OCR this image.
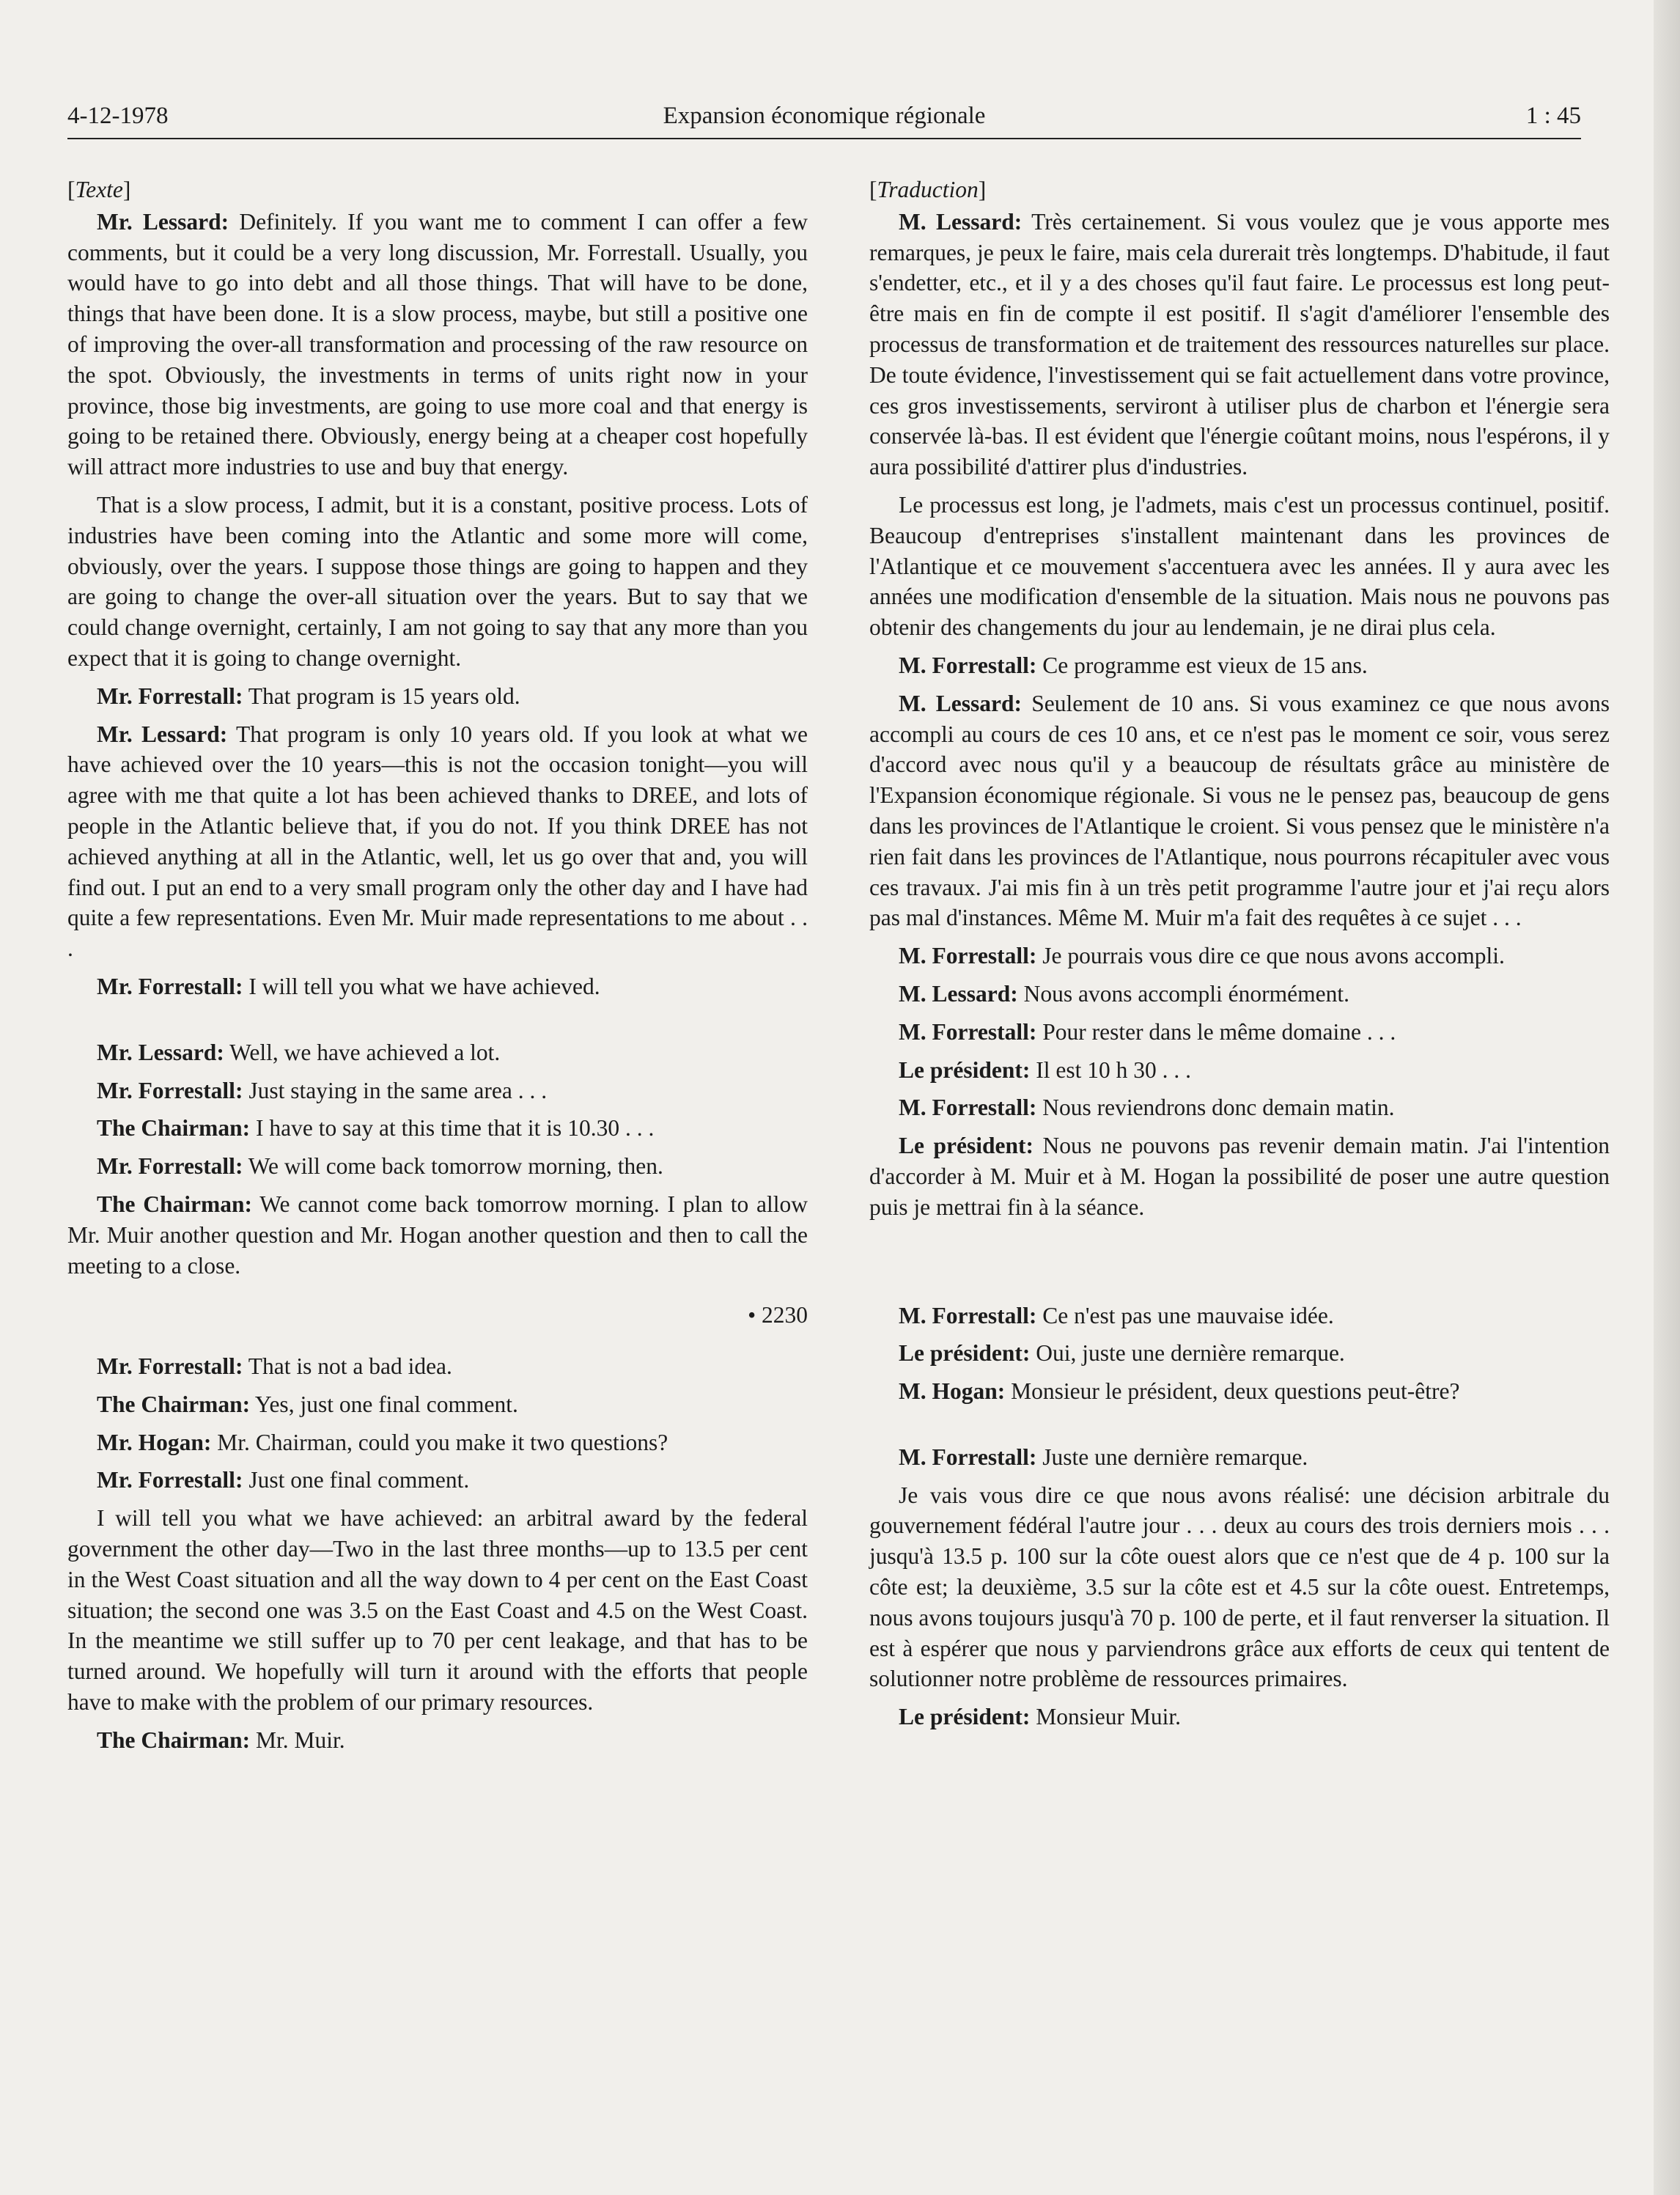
4-12-1978	Expansion économique régionale	1 : 45

[Texte]

Mr. Lessard: Definitely. If you want me to comment I can offer a few comments, but it could be a very long discussion, Mr. Forrestall. Usually, you would have to go into debt and all those things. That will have to be done, things that have been done. It is a slow process, maybe, but still a positive one of improving the over-all transformation and processing of the raw resource on the spot. Obviously, the investments in terms of units right now in your province, those big investments, are going to use more coal and that energy is going to be retained there. Obviously, energy being at a cheaper cost hopefully will attract more industries to use and buy that energy.

That is a slow process, I admit, but it is a constant, positive process. Lots of industries have been coming into the Atlantic and some more will come, obviously, over the years. I suppose those things are going to happen and they are going to change the over-all situation over the years. But to say that we could change overnight, certainly, I am not going to say that any more than you expect that it is going to change overnight.

Mr. Forrestall: That program is 15 years old.

Mr. Lessard: That program is only 10 years old. If you look at what we have achieved over the 10 years—this is not the occasion tonight—you will agree with me that quite a lot has been achieved thanks to DREE, and lots of people in the Atlantic believe that, if you do not. If you think DREE has not achieved anything at all in the Atlantic, well, let us go over that and, you will find out. I put an end to a very small program only the other day and I have had quite a few representations. Even Mr. Muir made representations to me about . . .

Mr. Forrestall: I will tell you what we have achieved.

Mr. Lessard: Well, we have achieved a lot.

Mr. Forrestall: Just staying in the same area . . .

The Chairman: I have to say at this time that it is 10.30 . . .

Mr. Forrestall: We will come back tomorrow morning, then.

The Chairman: We cannot come back tomorrow morning. I plan to allow Mr. Muir another question and Mr. Hogan another question and then to call the meeting to a close.

• 2230

Mr. Forrestall: That is not a bad idea.

The Chairman: Yes, just one final comment.

Mr. Hogan: Mr. Chairman, could you make it two questions?

Mr. Forrestall: Just one final comment.

I will tell you what we have achieved: an arbitral award by the federal government the other day—Two in the last three months—up to 13.5 per cent in the West Coast situation and all the way down to 4 per cent on the East Coast situation; the second one was 3.5 on the East Coast and 4.5 on the West Coast. In the meantime we still suffer up to 70 per cent leakage, and that has to be turned around. We hopefully will turn it around with the efforts that people have to make with the problem of our primary resources.

The Chairman: Mr. Muir.

[Traduction]

M. Lessard: Très certainement. Si vous voulez que je vous apporte mes remarques, je peux le faire, mais cela durerait très longtemps. D'habitude, il faut s'endetter, etc., et il y a des choses qu'il faut faire. Le processus est long peut-être mais en fin de compte il est positif. Il s'agit d'améliorer l'ensemble des processus de transformation et de traitement des ressources naturelles sur place. De toute évidence, l'investissement qui se fait actuellement dans votre province, ces gros investissements, serviront à utiliser plus de charbon et l'énergie sera conservée là-bas. Il est évident que l'énergie coûtant moins, nous l'espérons, il y aura possibilité d'attirer plus d'industries.

Le processus est long, je l'admets, mais c'est un processus continuel, positif. Beaucoup d'entreprises s'installent maintenant dans les provinces de l'Atlantique et ce mouvement s'accentuera avec les années. Il y aura avec les années une modification d'ensemble de la situation. Mais nous ne pouvons pas obtenir des changements du jour au lendemain, je ne dirai plus cela.

M. Forrestall: Ce programme est vieux de 15 ans.

M. Lessard: Seulement de 10 ans. Si vous examinez ce que nous avons accompli au cours de ces 10 ans, et ce n'est pas le moment ce soir, vous serez d'accord avec nous qu'il y a beaucoup de résultats grâce au ministère de l'Expansion économique régionale. Si vous ne le pensez pas, beaucoup de gens dans les provinces de l'Atlantique le croient. Si vous pensez que le ministère n'a rien fait dans les provinces de l'Atlantique, nous pourrons récapituler avec vous ces travaux. J'ai mis fin à un très petit programme l'autre jour et j'ai reçu alors pas mal d'instances. Même M. Muir m'a fait des requêtes à ce sujet . . .

M. Forrestall: Je pourrais vous dire ce que nous avons accompli.

M. Lessard: Nous avons accompli énormément.

M. Forrestall: Pour rester dans le même domaine . . .

Le président: Il est 10 h 30 . . .

M. Forrestall: Nous reviendrons donc demain matin.

Le président: Nous ne pouvons pas revenir demain matin. J'ai l'intention d'accorder à M. Muir et à M. Hogan la possibilité de poser une autre question puis je mettrai fin à la séance.

M. Forrestall: Ce n'est pas une mauvaise idée.

Le président: Oui, juste une dernière remarque.

M. Hogan: Monsieur le président, deux questions peut-être?

M. Forrestall: Juste une dernière remarque.

Je vais vous dire ce que nous avons réalisé: une décision arbitrale du gouvernement fédéral l'autre jour . . . deux au cours des trois derniers mois . . . jusqu'à 13.5 p. 100 sur la côte ouest alors que ce n'est que de 4 p. 100 sur la côte est; la deuxième, 3.5 sur la côte est et 4.5 sur la côte ouest. Entretemps, nous avons toujours jusqu'à 70 p. 100 de perte, et il faut renverser la situation. Il est à espérer que nous y parviendrons grâce aux efforts de ceux qui tentent de solutionner notre problème de ressources primaires.

Le président: Monsieur Muir.
